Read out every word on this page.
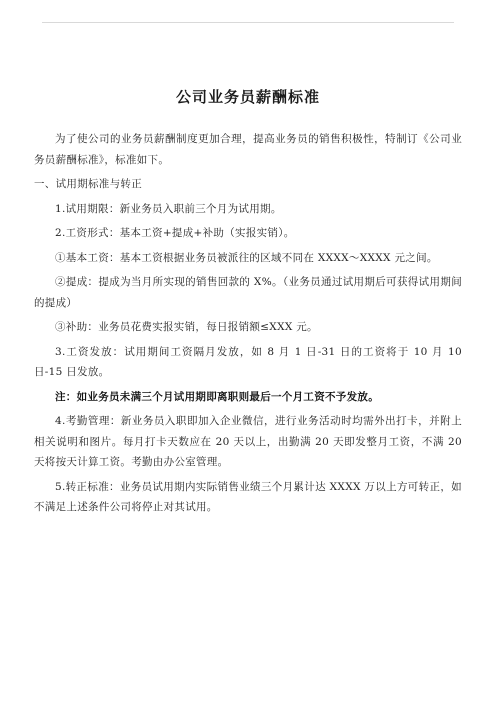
公司业务员薪酬标准

为了使公司的业务员薪酬制度更加合理，提高业务员的销售积极性，特制订《公司业务员薪酬标准》，标准如下。

一、试用期标准与转正

1.试用期限：新业务员入职前三个月为试用期。

2.工资形式：基本工资+提成+补助（实报实销）。

①基本工资：基本工资根据业务员被派往的区域不同在 XXXX～XXXX 元之间。

②提成：提成为当月所实现的销售回款的 X%。（业务员通过试用期后可获得试用期间的提成）

③补助：业务员花费实报实销，每日报销额≤XXX 元。

3.工资发放：试用期间工资隔月发放，如 8 月 1 日-31 日的工资将于 10 月 10 日-15 日发放。

注：如业务员未满三个月试用期即离职则最后一个月工资不予发放。

4.考勤管理：新业务员入职即加入企业微信，进行业务活动时均需外出打卡，并附上相关说明和图片。每月打卡天数应在 20 天以上，出勤满 20 天即发整月工资，不满 20 天将按天计算工资。考勤由办公室管理。

5.转正标准：业务员试用期内实际销售业绩三个月累计达 XXXX 万以上方可转正，如不满足上述条件公司将停止对其试用。
